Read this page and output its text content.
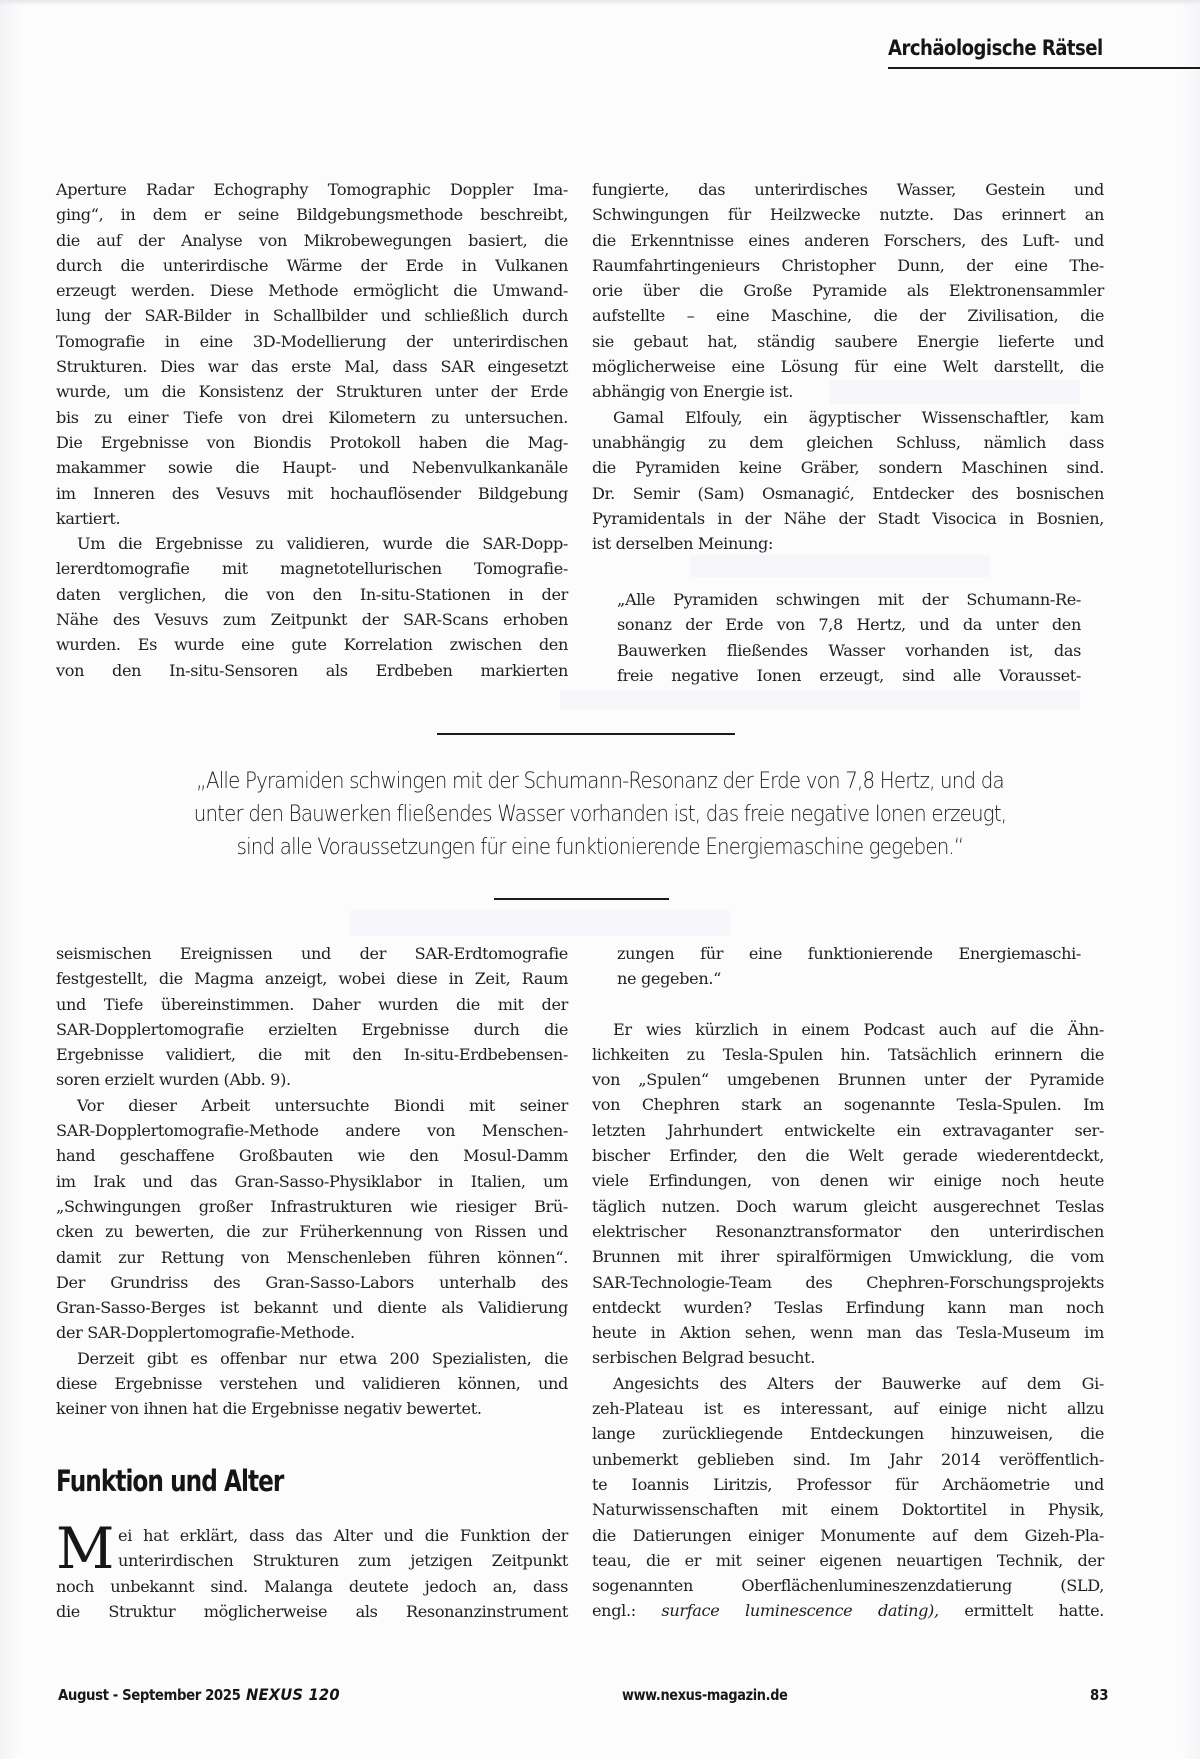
Archäologische Rätsel
Aperture Radar Echography Tomographic Doppler Ima-
ging“, in dem er seine Bildgebungsmethode beschreibt,
die auf der Analyse von Mikrobewegungen basiert, die
durch die unterirdische Wärme der Erde in Vulkanen
erzeugt werden. Diese Methode ermöglicht die Umwand-
lung der SAR-Bilder in Schallbilder und schließlich durch
Tomografie in eine 3D-Modellierung der unterirdischen
Strukturen. Dies war das erste Mal, dass SAR eingesetzt
wurde, um die Konsistenz der Strukturen unter der Erde
bis zu einer Tiefe von drei Kilometern zu untersuchen.
Die Ergebnisse von Biondis Protokoll haben die Mag-
makammer sowie die Haupt- und Nebenvulkankanäle
im Inneren des Vesuvs mit hochauflösender Bildgebung
kartiert.
Um die Ergebnisse zu validieren, wurde die SAR-Dopp-
lererdtomografie mit magnetotellurischen Tomografie-
daten verglichen, die von den In-situ-Stationen in der
Nähe des Vesuvs zum Zeitpunkt der SAR-Scans erhoben
wurden. Es wurde eine gute Korrelation zwischen den
von den In-situ-Sensoren als Erdbeben markierten
fungierte, das unterirdisches Wasser, Gestein und
Schwingungen für Heilzwecke nutzte. Das erinnert an
die Erkenntnisse eines anderen Forschers, des Luft- und
Raumfahrtingenieurs Christopher Dunn, der eine The-
orie über die Große Pyramide als Elektronensammler
aufstellte – eine Maschine, die der Zivilisation, die
sie gebaut hat, ständig saubere Energie lieferte und
möglicherweise eine Lösung für eine Welt darstellt, die
abhängig von Energie ist.
Gamal Elfouly, ein ägyptischer Wissenschaftler, kam
unabhängig zu dem gleichen Schluss, nämlich dass
die Pyramiden keine Gräber, sondern Maschinen sind.
Dr. Semir (Sam) Osmanagić, Entdecker des bosnischen
Pyramidentals in der Nähe der Stadt Visocica in Bosnien,
ist derselben Meinung:
„Alle Pyramiden schwingen mit der Schumann-Re-
sonanz der Erde von 7,8 Hertz, und da unter den
Bauwerken fließendes Wasser vorhanden ist, das
freie negative Ionen erzeugt, sind alle Vorausset-
„Alle Pyramiden schwingen mit der Schumann-Resonanz der Erde von 7,8 Hertz, und da
unter den Bauwerken fließendes Wasser vorhanden ist, das freie negative Ionen erzeugt,
sind alle Voraussetzungen für eine funktionierende Energiemaschine gegeben.“
seismischen Ereignissen und der SAR-Erdtomografie
festgestellt, die Magma anzeigt, wobei diese in Zeit, Raum
und Tiefe übereinstimmen. Daher wurden die mit der
SAR-Dopplertomografie erzielten Ergebnisse durch die
Ergebnisse validiert, die mit den In-situ-Erdbebensen-
soren erzielt wurden (Abb. 9).
Vor dieser Arbeit untersuchte Biondi mit seiner
SAR-Dopplertomografie-Methode andere von Menschen-
hand geschaffene Großbauten wie den Mosul-Damm
im Irak und das Gran-Sasso-Physiklabor in Italien, um
„Schwingungen großer Infrastrukturen wie riesiger Brü-
cken zu bewerten, die zur Früherkennung von Rissen und
damit zur Rettung von Menschenleben führen können“.
Der Grundriss des Gran-Sasso-Labors unterhalb des
Gran-Sasso-Berges ist bekannt und diente als Validierung
der SAR-Dopplertomografie-Methode.
Derzeit gibt es offenbar nur etwa 200 Spezialisten, die
diese Ergebnisse verstehen und validieren können, und
keiner von ihnen hat die Ergebnisse negativ bewertet.
Funktion und Alter
M ei hat erklärt, dass das Alter und die Funktion der
unterirdischen Strukturen zum jetzigen Zeitpunkt
noch unbekannt sind. Malanga deutete jedoch an, dass
die Struktur möglicherweise als Resonanzinstrument
zungen für eine funktionierende Energiemaschi-
ne gegeben.“
Er wies kürzlich in einem Podcast auch auf die Ähn-
lichkeiten zu Tesla-Spulen hin. Tatsächlich erinnern die
von „Spulen“ umgebenen Brunnen unter der Pyramide
von Chephren stark an sogenannte Tesla-Spulen. Im
letzten Jahrhundert entwickelte ein extravaganter ser-
bischer Erfinder, den die Welt gerade wiederentdeckt,
viele Erfindungen, von denen wir einige noch heute
täglich nutzen. Doch warum gleicht ausgerechnet Teslas
elektrischer Resonanztransformator den unterirdischen
Brunnen mit ihrer spiralförmigen Umwicklung, die vom
SAR-Technologie-Team des Chephren-Forschungsprojekts
entdeckt wurden? Teslas Erfindung kann man noch
heute in Aktion sehen, wenn man das Tesla-Museum im
serbischen Belgrad besucht.
Angesichts des Alters der Bauwerke auf dem Gi-
zeh-Plateau ist es interessant, auf einige nicht allzu
lange zurückliegende Entdeckungen hinzuweisen, die
unbemerkt geblieben sind. Im Jahr 2014 veröffentlich-
te Ioannis Liritzis, Professor für Archäometrie und
Naturwissenschaften mit einem Doktortitel in Physik,
die Datierungen einiger Monumente auf dem Gizeh-Pla-
teau, die er mit seiner eigenen neuartigen Technik, der
sogenannten Oberflächenlumineszenzdatierung (SLD,
engl.: surface luminescence dating), ermittelt hatte.
August - September 2025 NEXUS 120	www.nexus-magazin.de	83
